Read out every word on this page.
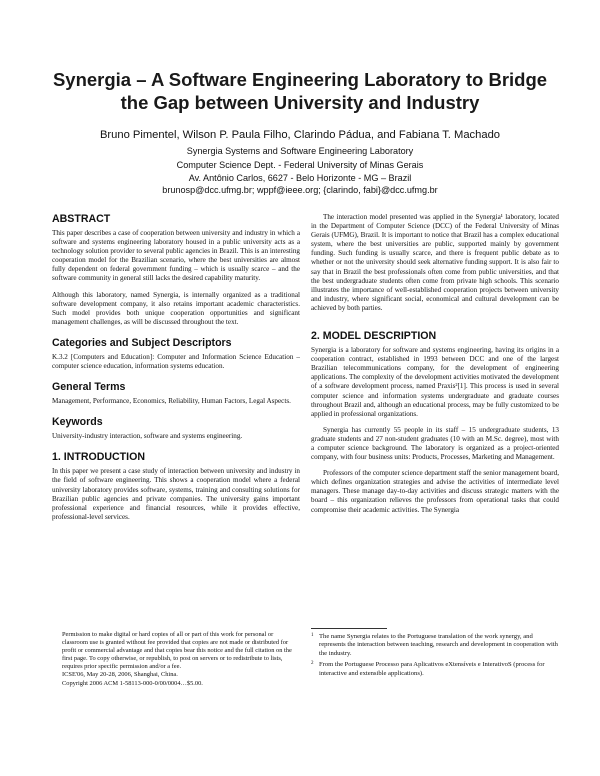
Synergia – A Software Engineering Laboratory to Bridge
the Gap between University and Industry
Bruno Pimentel, Wilson P. Paula Filho, Clarindo Pádua, and Fabiana T. Machado
Synergia Systems and Software Engineering Laboratory
Computer Science Dept. - Federal University of Minas Gerais
Av. Antônio Carlos, 6627 - Belo Horizonte - MG – Brazil
brunosp@dcc.ufmg.br; wppf@ieee.org; {clarindo, fabi}@dcc.ufmg.br
ABSTRACT

This paper describes a case of cooperation between university and industry in which a software and systems engineering laboratory housed in a public university acts as a technology solution provider to several public agencies in Brazil. This is an interesting cooperation model for the Brazilian scenario, where the best universities are almost fully dependent on federal government funding – which is usually scarce – and the software community in general still lacks the desired capability maturity.

Although this laboratory, named Synergia, is internally organized as a traditional software development company, it also retains important academic characteristics. Such model provides both unique cooperation opportunities and significant management challenges, as will be discussed throughout the text.

Categories and Subject Descriptors

K.3.2 [Computers and Education]: Computer and Information Science Education – computer science education, information systems education.

General Terms

Management, Performance, Economics, Reliability, Human Factors, Legal Aspects.

Keywords

University-industry interaction, software and systems engineering.

1. INTRODUCTION

In this paper we present a case study of interaction between university and industry in the field of software engineering. This shows a cooperation model where a federal university laboratory provides software, systems, training and consulting solutions for Brazilian public agencies and private companies. The university gains important professional experience and financial resources, while it provides effective, professional-level services.

Permission to make digital or hard copies of all or part of this work for personal or classroom use is granted without fee provided that copies are not made or distributed for profit or commercial advantage and that copies bear this notice and the full citation on the first page. To copy otherwise, or republish, to post on servers or to redistribute to lists, requires prior specific permission and/or a fee.
ICSE'06, May 20-28, 2006, Shanghai, China.
Copyright 2006 ACM 1-58113-000-0/00/0004…$5.00.

The interaction model presented was applied in the Synergia¹ laboratory, located in the Department of Computer Science (DCC) of the Federal University of Minas Gerais (UFMG), Brazil. It is important to notice that Brazil has a complex educational system, where the best universities are public, supported mainly by government funding. Such funding is usually scarce, and there is frequent public debate as to whether or not the university should seek alternative funding support. It is also fair to say that in Brazil the best professionals often come from public universities, and that the best undergraduate students often come from private high schools. This scenario illustrates the importance of well-established cooperation projects between university and industry, where significant social, economical and cultural development can be achieved by both parties.

2. MODEL DESCRIPTION

Synergia is a laboratory for software and systems engineering, having its origins in a cooperation contract, established in 1993 between DCC and one of the largest Brazilian telecommunications company, for the development of engineering applications. The complexity of the development activities motivated the development of a software development process, named Praxis²[1]. This process is used in several computer science and information systems undergraduate and graduate courses throughout Brazil and, although an educational process, may be fully customized to be applied in professional organizations.

Synergia has currently 55 people in its staff – 15 undergraduate students, 13 graduate students and 27 non-student graduates (10 with an M.Sc. degree), most with a computer science background. The laboratory is organized as a project-oriented company, with four business units: Products, Processes, Marketing and Management.

Professors of the computer science department staff the senior management board, which defines organization strategies and advise the activities of intermediate level managers. These manage day-to-day activities and discuss strategic matters with the board – this organization relieves the professors from operational tasks that could compromise their academic activities. The Synergia

1 The name Synergia relates to the Portuguese translation of the work synergy, and represents the interaction between teaching, research and development in cooperation with the industry.
2 From the Portuguese Processo para Aplicativos eXtensíveis e InterativoS (process for interactive and extensible applications).
